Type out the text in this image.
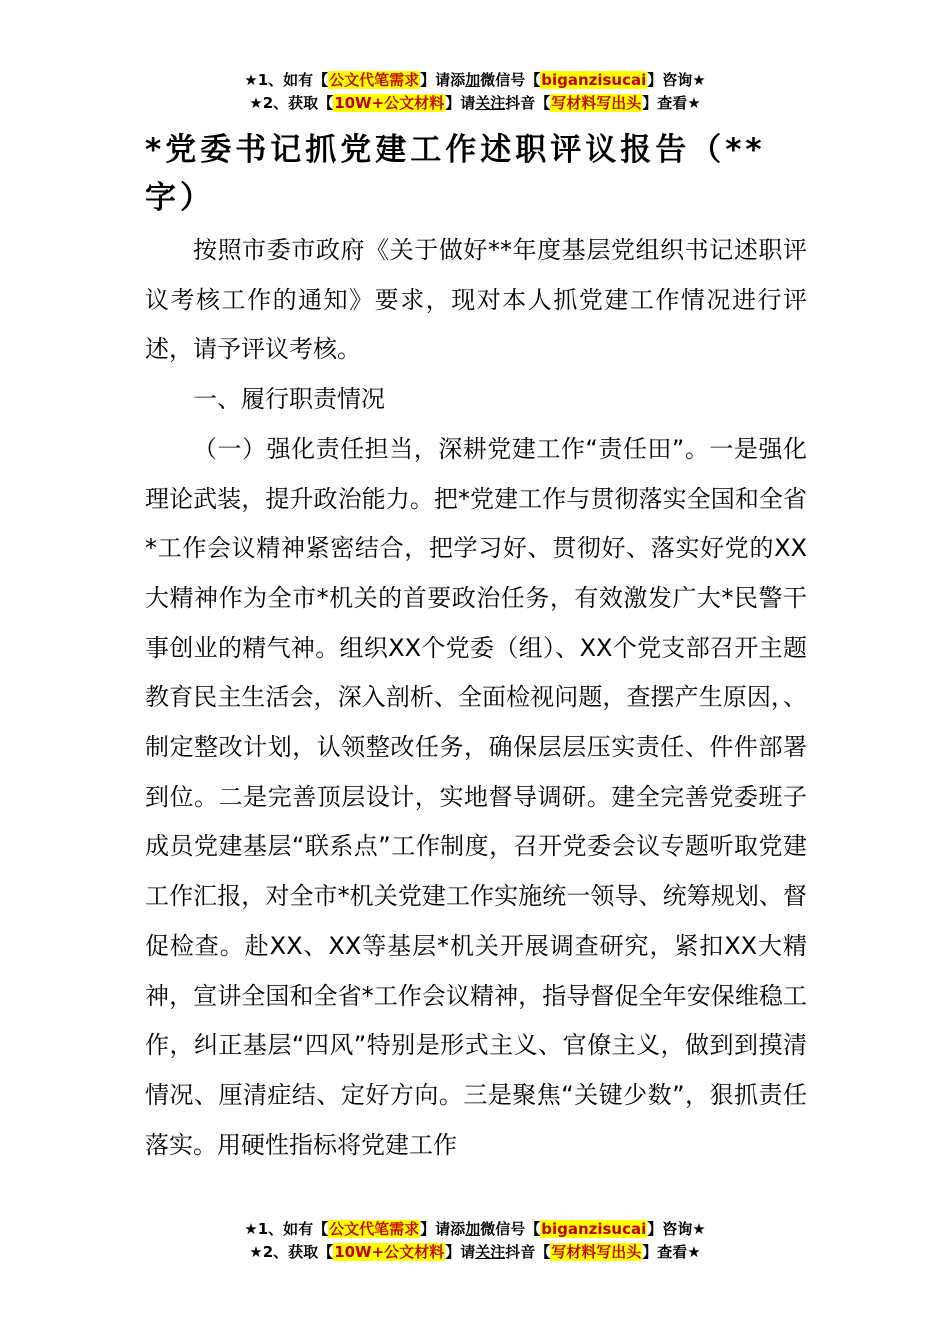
★1、如有【公文代笔需求】请添加微信号【biganzisucai】咨询★
★2、获取【10W+公文材料】请关注抖音【写材料写出头】查看★
*党委书记抓党建工作述职评议报告（**字）

按照市委市政府《关于做好**年度基层党组织书记述职评议考核工作的通知》要求，现对本人抓党建工作情况进行评述，请予评议考核。

一、履行职责情况

（一）强化责任担当，深耕党建工作“责任田”。一是强化理论武装，提升政治能力。把*党建工作与贯彻落实全国和全省*工作会议精神紧密结合，把学习好、贯彻好、落实好党的XX大精神作为全市*机关的首要政治任务，有效激发广大*民警干事创业的精气神。组织XX个党委（组）、XX个党支部召开主题教育民主生活会，深入剖析、全面检视问题，查摆产生原因，、制定整改计划，认领整改任务，确保层层压实责任、件件部署到位。二是完善顶层设计，实地督导调研。建全完善党委班子成员党建基层“联系点”工作制度，召开党委会议专题听取党建工作汇报，对全市*机关党建工作实施统一领导、统筹规划、督促检查。赴XX、XX等基层*机关开展调查研究，紧扣XX大精神，宣讲全国和全省*工作会议精神，指导督促全年安保维稳工作，纠正基层“四风”特别是形式主义、官僚主义，做到到摸清情况、厘清症结、定好方向。三是聚焦“关键少数”，狠抓责任落实。用硬性指标将党建工作

★1、如有【公文代笔需求】请添加微信号【biganzisucai】咨询★
★2、获取【10W+公文材料】请关注抖音【写材料写出头】查看★
